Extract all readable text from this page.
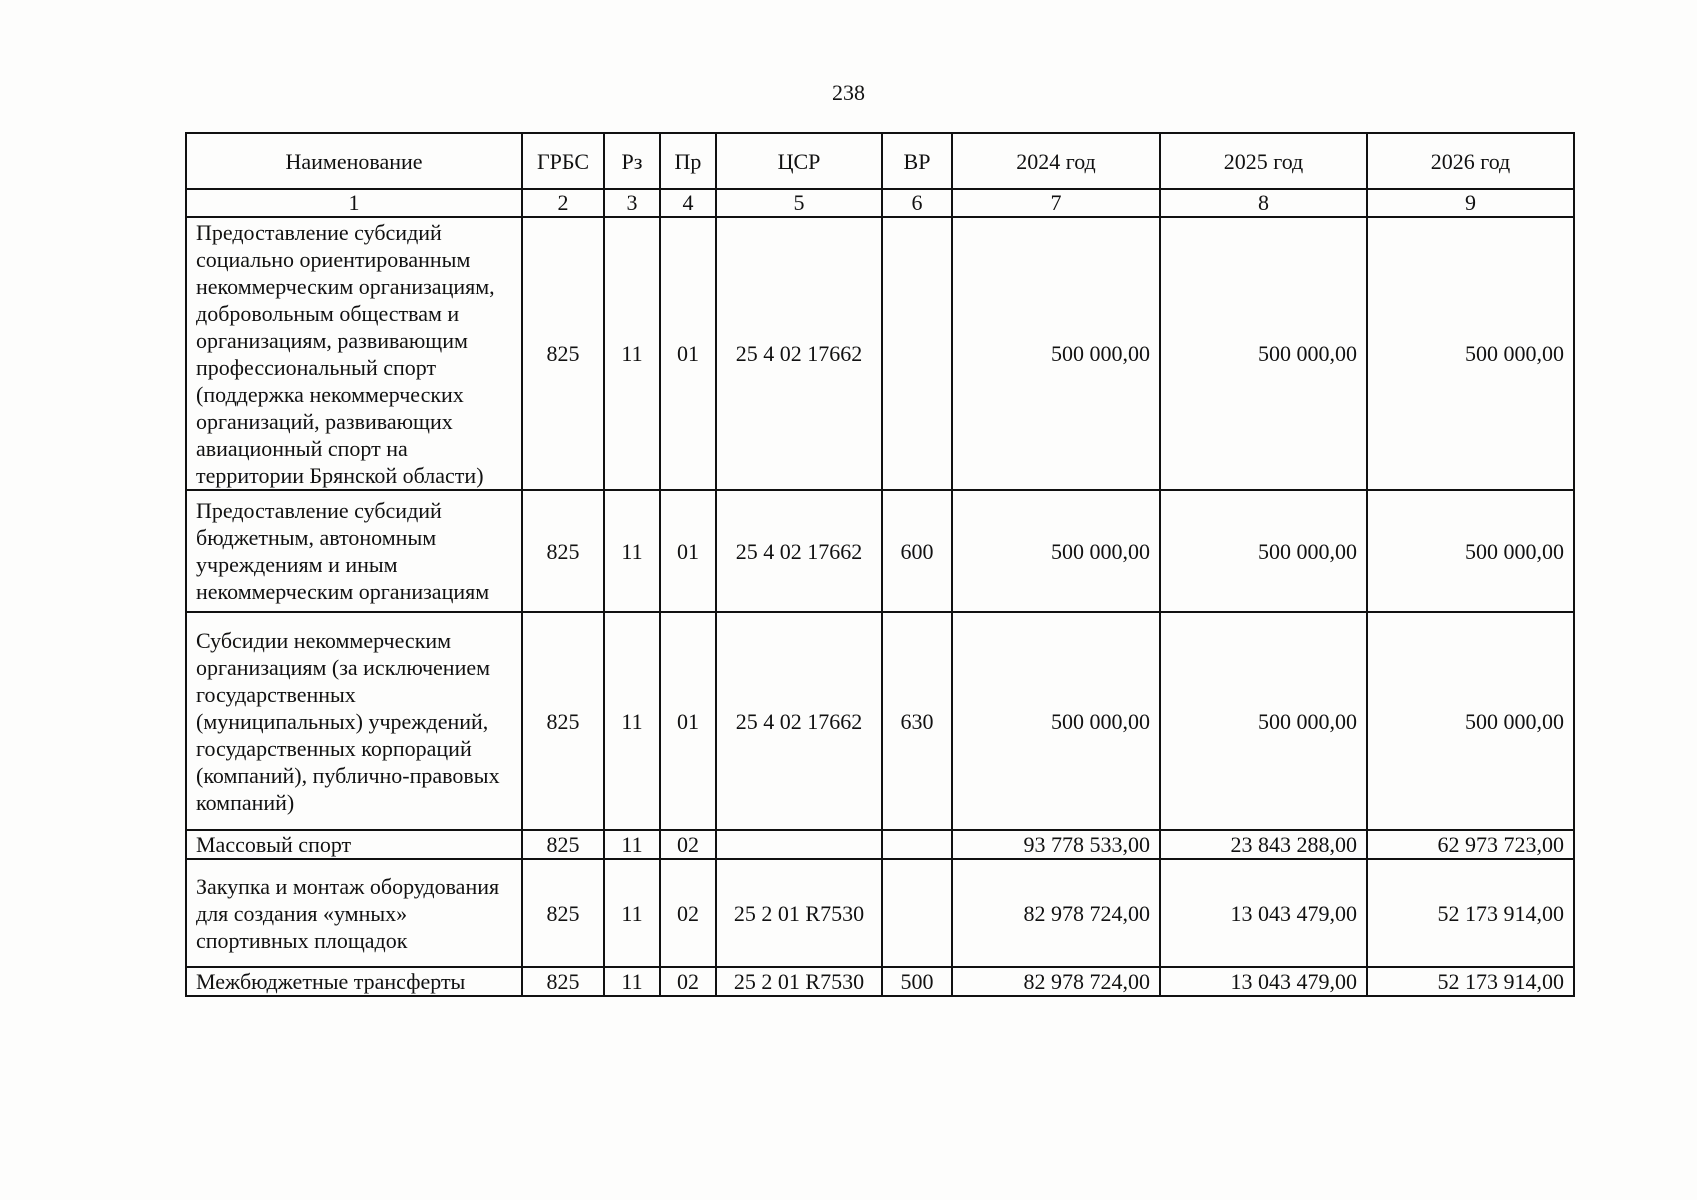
238
Наименование	ГРБС	Рз	Пр	ЦСР	ВР	2024 год	2025 год	2026 год
1	2	3	4	5	6	7	8	9
Предоставление субсидий социально ориентированным некоммерческим организациям, добровольным обществам и организациям, развивающим профессиональный спорт (поддержка некоммерческих организаций, развивающих авиационный спорт на территории Брянской области)	825	11	01	25 4 02 17662		500 000,00	500 000,00	500 000,00
Предоставление субсидий бюджетным, автономным учреждениям и иным некоммерческим организациям	825	11	01	25 4 02 17662	600	500 000,00	500 000,00	500 000,00
Субсидии некоммерческим организациям (за исключением государственных (муниципальных) учреждений, государственных корпораций (компаний), публично-правовых компаний)	825	11	01	25 4 02 17662	630	500 000,00	500 000,00	500 000,00
Массовый спорт	825	11	02			93 778 533,00	23 843 288,00	62 973 723,00
Закупка и монтаж оборудования для создания «умных» спортивных площадок	825	11	02	25 2 01 R7530		82 978 724,00	13 043 479,00	52 173 914,00
Межбюджетные трансферты	825	11	02	25 2 01 R7530	500	82 978 724,00	13 043 479,00	52 173 914,00
